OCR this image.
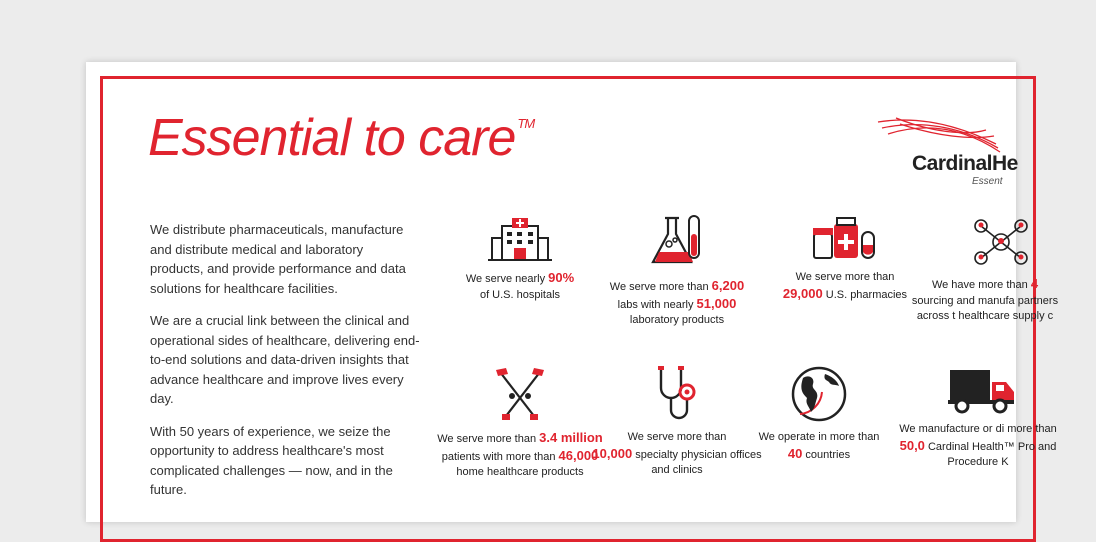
Essential to care ™
CardinalHe
Essent

We distribute pharmaceuticals, manufacture and distribute medical and laboratory products, and provide performance and data solutions for healthcare facilities.

We are a crucial link between the clinical and operational sides of healthcare, delivering end-to-end solutions and data-driven insights that advance healthcare and improve lives every day.

With 50 years of experience, we seize the opportunity to address healthcare's most complicated challenges — now, and in the future.

We serve nearly 90%
of U.S. hospitals
We serve more than 6,200
labs with nearly 51,000
laboratory products
We serve more than
29,000 U.S. pharmacies
We have more than 4 sourcing and manufa partners across t healthcare supply c
We serve more than 3.4 million
patients with more than 46,000
home healthcare products
We serve more than
10,000 specialty physician offices and clinics
We operate in more than
40 countries
We manufacture or di more than 50,0 Cardinal Health™ Pro and Procedure K
